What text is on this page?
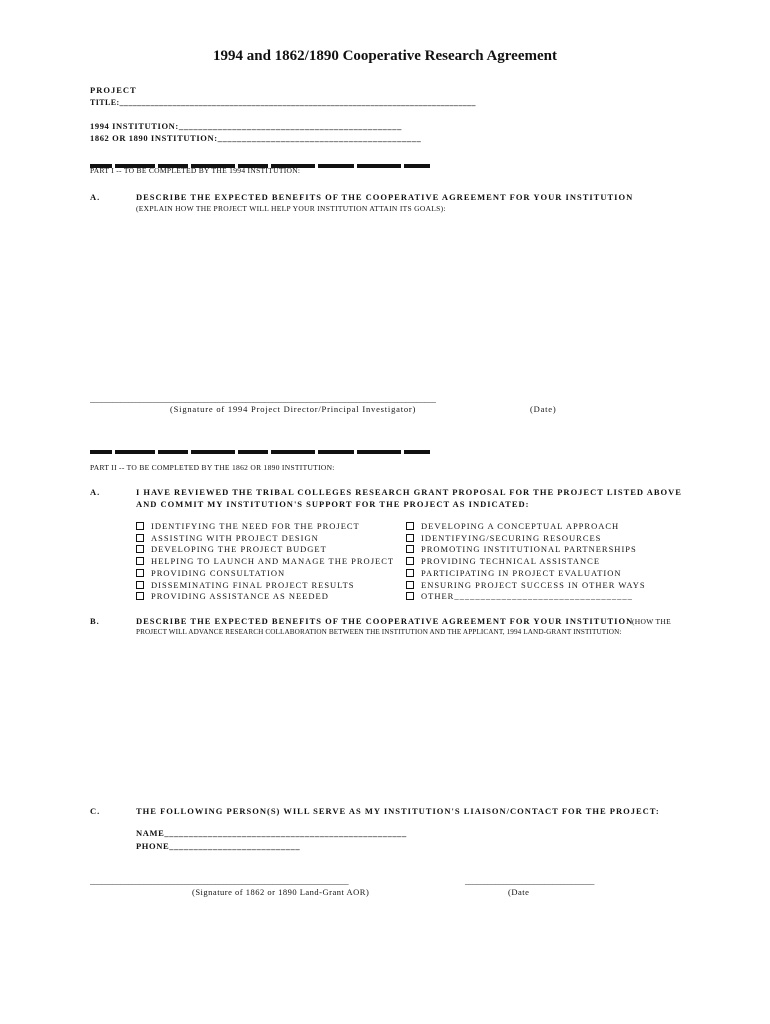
1994 and 1862/1890 Cooperative Research Agreement
PROJECT
TITLE:_________________________________________________________________________________
1994 INSTITUTION:______________________________________________
1862 OR 1890 INSTITUTION:__________________________________________
PART I -- TO BE COMPLETED BY THE 1994 INSTITUTION:
A.	DESCRIBE THE EXPECTED BENEFITS OF THE COOPERATIVE AGREEMENT FOR YOUR INSTITUTION
(EXPLAIN HOW THE PROJECT WILL HELP YOUR INSTITUTION ATTAIN ITS GOALS):
___________________________________________________________________________________________
(Signature of 1994 Project Director/Principal Investigator)	(Date)
PART II -- TO BE COMPLETED BY THE 1862 OR 1890 INSTITUTION:
A.	I HAVE REVIEWED THE TRIBAL COLLEGES RESEARCH GRANT PROPOSAL FOR THE PROJECT LISTED ABOVE
AND COMMIT MY INSTITUTION'S SUPPORT FOR THE PROJECT AS INDICATED:
IDENTIFYING THE NEED FOR THE PROJECT
ASSISTING WITH PROJECT DESIGN
DEVELOPING THE PROJECT BUDGET
HELPING TO LAUNCH AND MANAGE THE PROJECT
PROVIDING CONSULTATION
DISSEMINATING FINAL PROJECT RESULTS
PROVIDING ASSISTANCE AS NEEDED
DEVELOPING A CONCEPTUAL APPROACH
IDENTIFYING/SECURING RESOURCES
PROMOTING INSTITUTIONAL PARTNERSHIPS
PROVIDING TECHNICAL ASSISTANCE
PARTICIPATING IN PROJECT EVALUATION
ENSURING PROJECT SUCCESS IN OTHER WAYS
OTHER__________________________________
B.	DESCRIBE THE EXPECTED BENEFITS OF THE COOPERATIVE AGREEMENT FOR YOUR INSTITUTION
(HOW THE
PROJECT WILL ADVANCE RESEARCH COLLABORATION BETWEEN THE INSTITUTION AND THE APPLICANT, 1994 LAND-GRANT INSTITUTION:
C.	THE FOLLOWING PERSON(S) WILL SERVE AS MY INSTITUTION'S LIAISON/CONTACT FOR THE PROJECT:
NAME__________________________________________________
PHONE___________________________
____________________________________________________________________	__________________________________
(Signature of 1862 or 1890 Land-Grant AOR)	(Date
